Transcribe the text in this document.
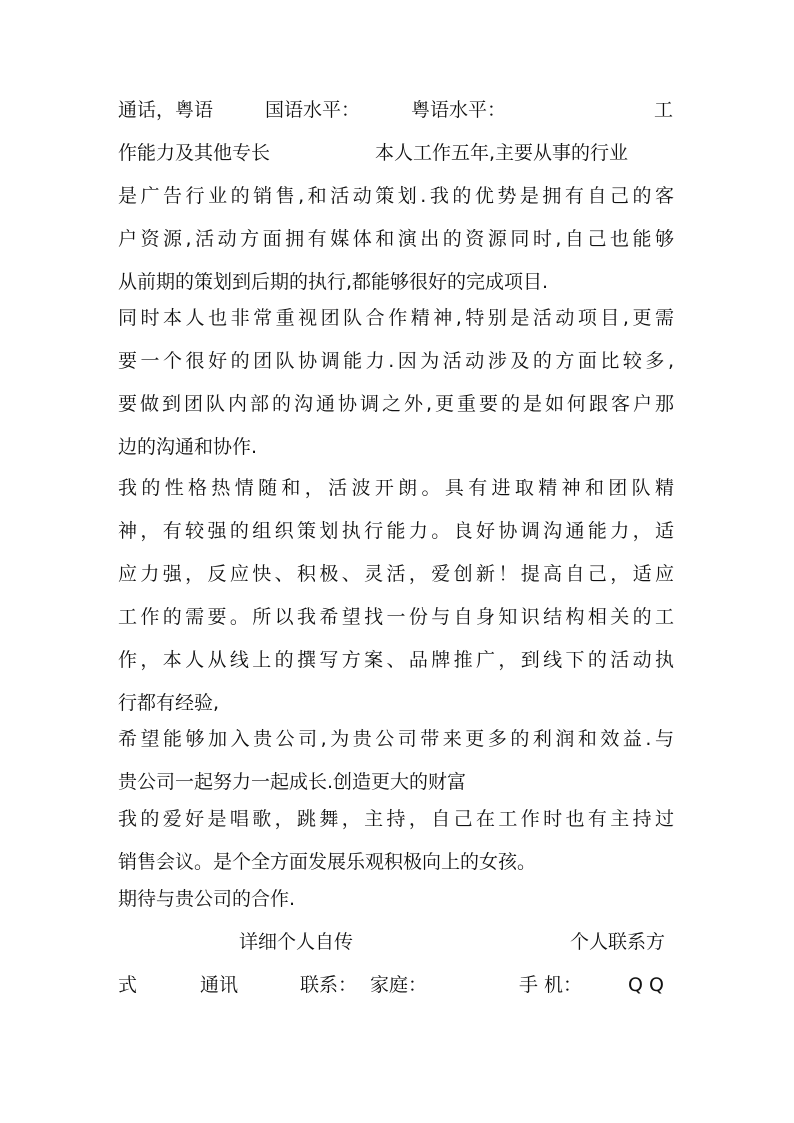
通话，粤语	国语水平：	粤语水平：	工
作能力及其他专长	本人工作五年,主要从事的行业
是广告行业的销售,和活动策划.我的优势是拥有自己的客
户资源,活动方面拥有媒体和演出的资源同时,自己也能够
从前期的策划到后期的执行,都能够很好的完成项目.
同时本人也非常重视团队合作精神,特别是活动项目,更需
要一个很好的团队协调能力.因为活动涉及的方面比较多,
要做到团队内部的沟通协调之外,更重要的是如何跟客户那
边的沟通和协作.
我的性格热情随和，活波开朗。具有进取精神和团队精
神，有较强的组织策划执行能力。良好协调沟通能力，适
应力强，反应快、积极、灵活，爱创新！提高自己，适应
工作的需要。所以我希望找一份与自身知识结构相关的工
作，本人从线上的撰写方案、品牌推广，到线下的活动执
行都有经验,
希望能够加入贵公司,为贵公司带来更多的利润和效益.与
贵公司一起努力一起成长.创造更大的财富
我的爱好是唱歌，跳舞，主持，自己在工作时也有主持过
销售会议。是个全方面发展乐观积极向上的女孩。
期待与贵公司的合作.
详细个人自传	个人联系方
式	通讯	联系： 家庭：	手 机： Q Q
